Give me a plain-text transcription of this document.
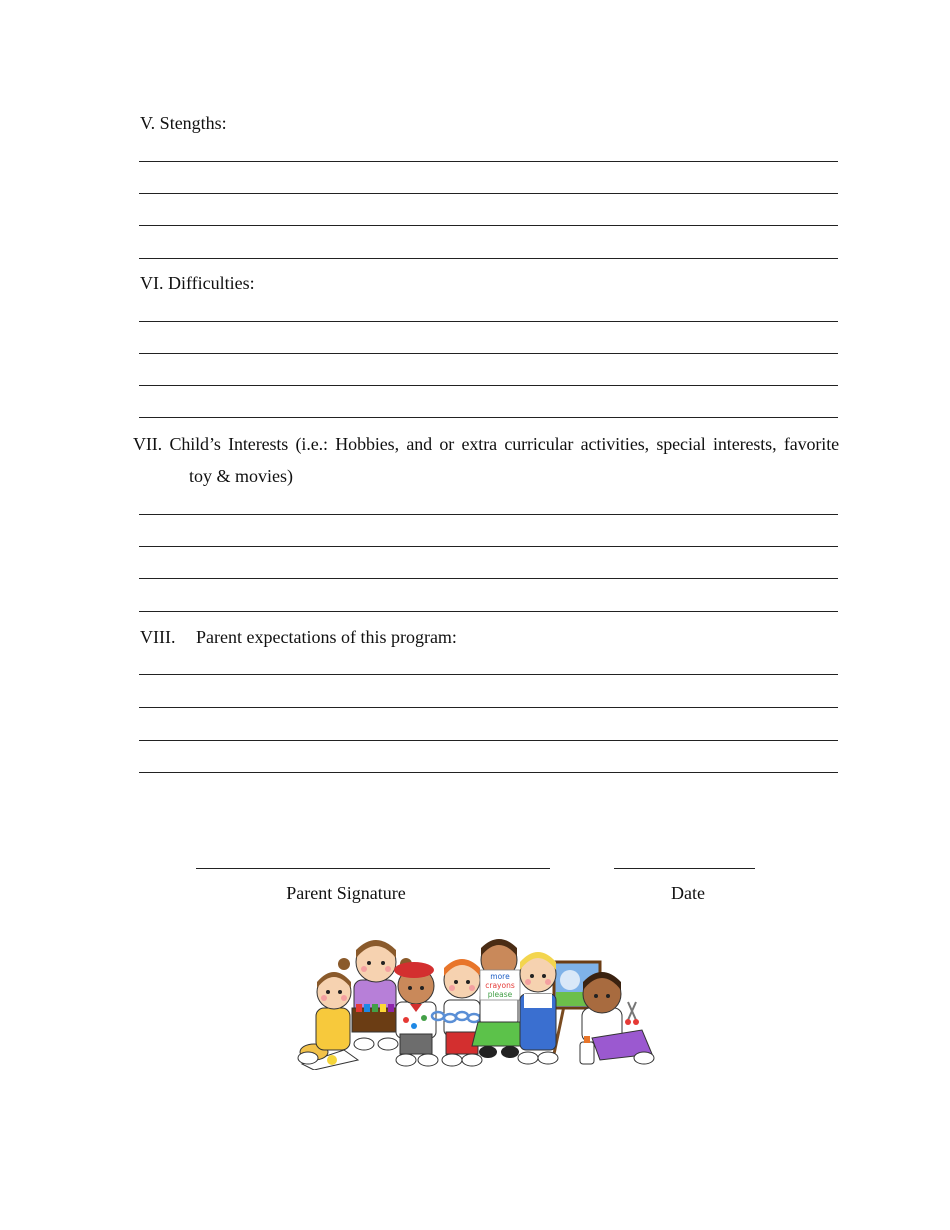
V. Stengths:
VI. Difficulties:
VII. Child’s Interests (i.e.: Hobbies, and or extra curricular activities, special interests, favorite
toy & movies)
VIII. Parent expectations of this program:
Parent Signature	Date
more
crayons
please
